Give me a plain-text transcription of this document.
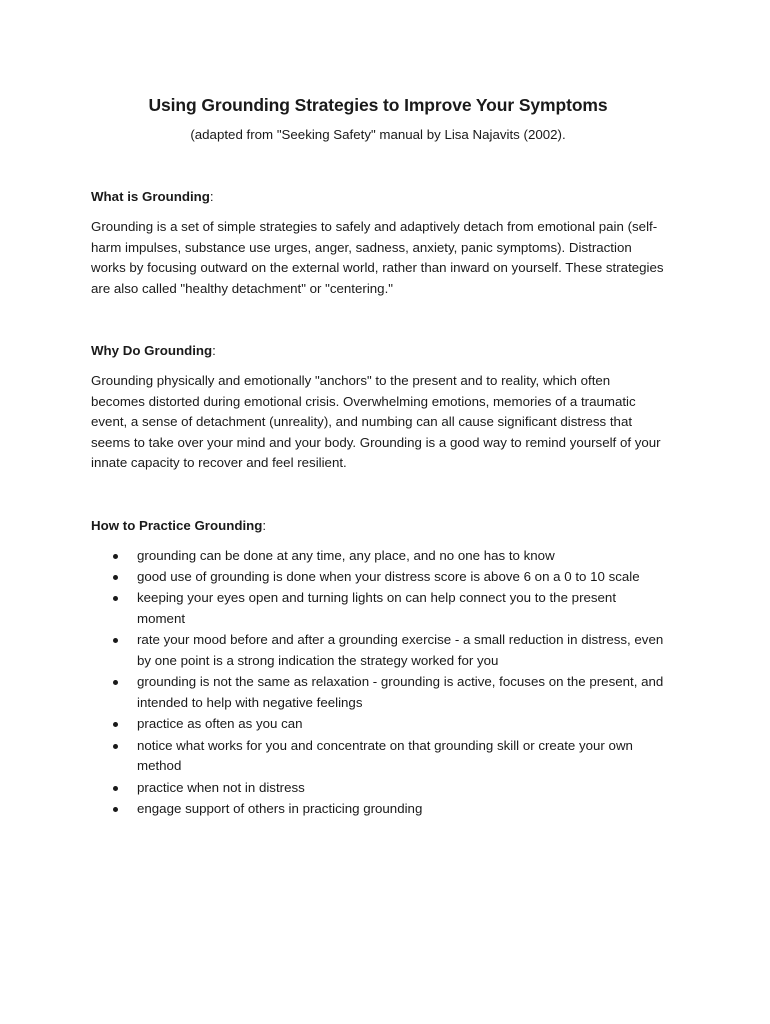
Using Grounding Strategies to Improve Your Symptoms

(adapted from "Seeking Safety" manual by Lisa Najavits (2002).

What is Grounding:

Grounding is a set of simple strategies to safely and adaptively detach from emotional pain (self-harm impulses, substance use urges, anger, sadness, anxiety, panic symptoms). Distraction works by focusing outward on the external world, rather than inward on yourself. These strategies are also called "healthy detachment" or "centering."

Why Do Grounding:

Grounding physically and emotionally "anchors" to the present and to reality, which often becomes distorted during emotional crisis. Overwhelming emotions, memories of a traumatic event, a sense of detachment (unreality), and numbing can all cause significant distress that seems to take over your mind and your body. Grounding is a good way to remind yourself of your innate capacity to recover and feel resilient.

How to Practice Grounding:
grounding can be done at any time, any place, and no one has to know
good use of grounding is done when your distress score is above 6 on a 0 to 10 scale
keeping your eyes open and turning lights on can help connect you to the present moment
rate your mood before and after a grounding exercise - a small reduction in distress, even by one point is a strong indication the strategy worked for you
grounding is not the same as relaxation - grounding is active, focuses on the present, and intended to help with negative feelings
practice as often as you can
notice what works for you and concentrate on that grounding skill or create your own method
practice when not in distress
engage support of others in practicing grounding
